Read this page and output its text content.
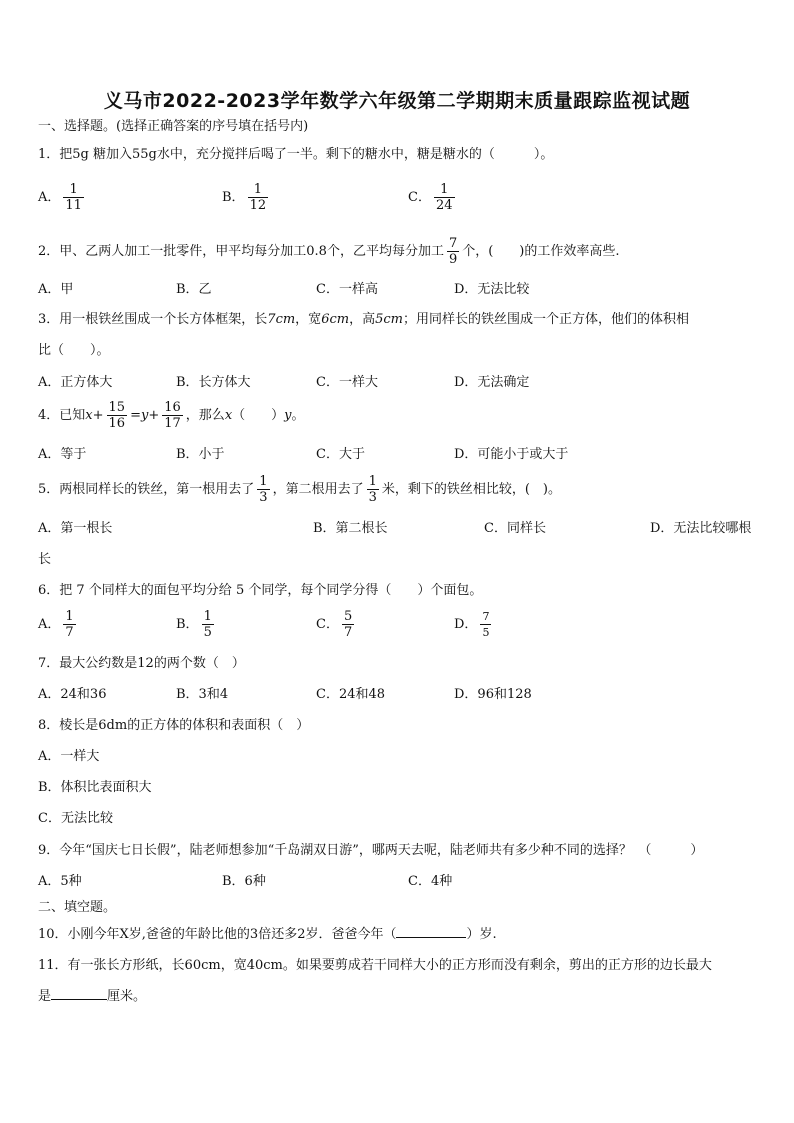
义马市2022-2023学年数学六年级第二学期期末质量跟踪监视试题
一、选择题。(选择正确答案的序号填在括号内)
1．把5g 糖加入55g水中，充分搅拌后喝了一半。剩下的糖水中，糖是糖水的（　　　）。
A． $\frac{1}{11}$	B． $\frac{1}{12}$	C． $\frac{1}{24}$
2．甲、乙两人加工一批零件，甲平均每分加工0.8个，乙平均每分加工 $\frac{7}{9}$ 个，(　　)的工作效率高些.
A．甲	B．乙	C．一样高	D．无法比较
3．用一根铁丝围成一个长方体框架，长7cm，宽6cm，高5cm；用同样长的铁丝围成一个正方体，他们的体积相
比（　　）。
A．正方体大	B．长方体大	C．一样大	D．无法确定
4．已知$x+ \frac{15}{16} =y+ \frac{16}{17}$ ，那么x（　　）y。
A．等于	B．小于	C．大于	D．可能小于或大于
5．两根同样长的铁丝，第一根用去了 $\frac{1}{3}$ ，第二根用去了 $\frac{1}{3}$ 米，剩下的铁丝相比较，(　)。
A．第一根长	B．第二根长	C．同样长	D．无法比较哪根
长
6．把 7 个同样大的面包平均分给 5 个同学，每个同学分得（　　）个面包。
A． $\frac{1}{7}$	B． $\frac{1}{5}$	C． $\frac{5}{7}$	D． $\frac{7}{5}$
7．最大公约数是12的两个数（　）
A．24和36	B．3和4	C．24和48	D．96和128
8．棱长是6dm的正方体的体积和表面积（　）
A．一样大
B．体积比表面积大
C．无法比较
9．今年“国庆七日长假”，陆老师想参加“千岛湖双日游”，哪两天去呢，陆老师共有多少种不同的选择？　（　　　）
A．5种	B．6种	C．4种
二、填空题。
10．小刚今年X岁,爸爸的年龄比他的3倍还多2岁．爸爸今年（	）岁.
11．有一张长方形纸，长60cm，宽40cm。如果要剪成若干同样大小的正方形而没有剩余，剪出的正方形的边长最大
是	厘米。
